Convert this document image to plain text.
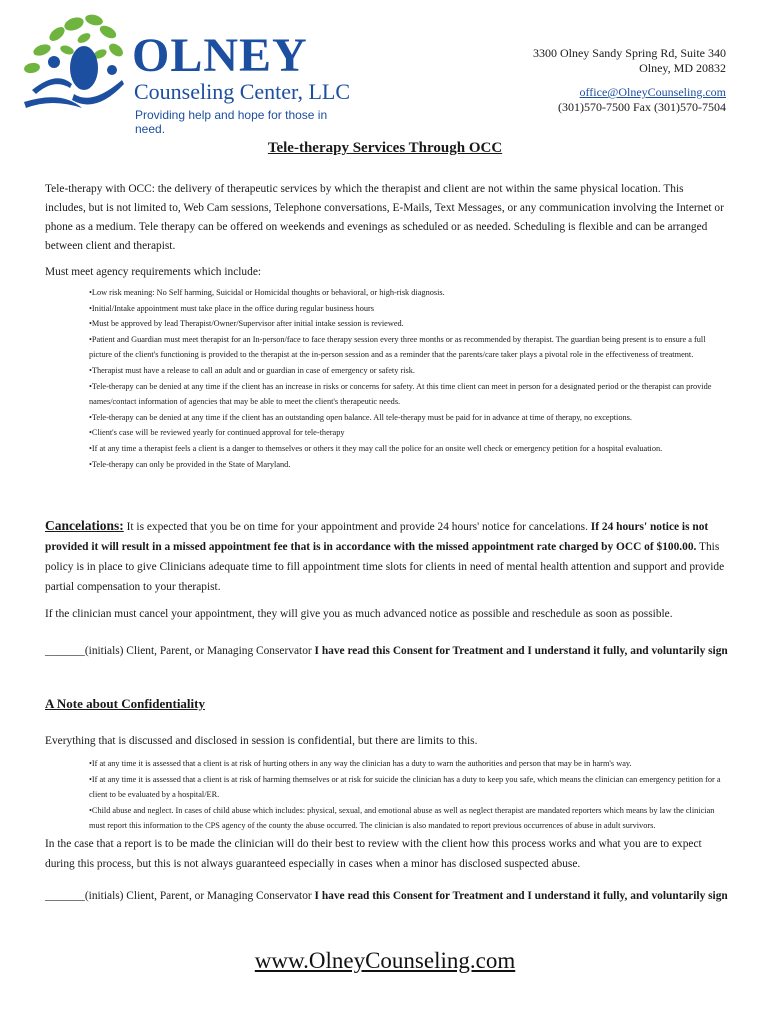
OLNEY
Counseling Center, LLC
Providing help and hope for those in need.
3300 Olney Sandy Spring Rd, Suite 340
Olney, MD 20832
office@OlneyCounseling.com
(301)570-7500 Fax (301)570-7504
Tele-therapy Services Through OCC
Tele-therapy with OCC: the delivery of therapeutic services by which the therapist and client are not within the same physical location. This includes, but is not limited to, Web Cam sessions, Telephone conversations, E-Mails, Text Messages, or any communication involving the Internet or phone as a medium. Tele therapy can be offered on weekends and evenings as scheduled or as needed. Scheduling is flexible and can be arranged between client and therapist.
Must meet agency requirements which include:
•Low risk meaning: No Self harming, Suicidal or Homicidal thoughts or behavioral, or high-risk diagnosis.
•Initial/Intake appointment must take place in the office during regular business hours
•Must be approved by lead Therapist/Owner/Supervisor after initial intake session is reviewed.
•Patient and Guardian must meet therapist for an In-person/face to face therapy session every three months or as recommended by therapist. The guardian being present is to ensure a full picture of the client's functioning is provided to the therapist at the in-person session and as a reminder that the parents/care taker plays a pivotal role in the effectiveness of treatment.
•Therapist must have a release to call an adult and or guardian in case of emergency or safety risk.
•Tele-therapy can be denied at any time if the client has an increase in risks or concerns for safety. At this time client can meet in person for a designated period or the therapist can provide names/contact information of agencies that may be able to meet the client's therapeutic needs.
•Tele-therapy can be denied at any time if the client has an outstanding open balance. All tele-therapy must be paid for in advance at time of therapy, no exceptions.
•Client's case will be reviewed yearly for continued approval for tele-therapy
•If at any time a therapist feels a client is a danger to themselves or others it they may call the police for an onsite well check or emergency petition for a hospital evaluation.
•Tele-therapy can only be provided in the State of Maryland.
Cancelations: It is expected that you be on time for your appointment and provide 24 hours' notice for cancelations. If 24 hours' notice is not provided it will result in a missed appointment fee that is in accordance with the missed appointment rate charged by OCC of $100.00. This policy is in place to give Clinicians adequate time to fill appointment time slots for clients in need of mental health attention and support and provide partial compensation to your therapist.
If the clinician must cancel your appointment, they will give you as much advanced notice as possible and reschedule as soon as possible.
_______(initials) Client, Parent, or Managing Conservator I have read this Consent for Treatment and I understand it fully, and voluntarily sign
A Note about Confidentiality
Everything that is discussed and disclosed in session is confidential, but there are limits to this.
•If at any time it is assessed that a client is at risk of hurting others in any way the clinician has a duty to warn the authorities and person that may be in harm's way.
•If at any time it is assessed that a client is at risk of harming themselves or at risk for suicide the clinician has a duty to keep you safe, which means the clinician can emergency petition for a client to be evaluated by a hospital/ER.
•Child abuse and neglect. In cases of child abuse which includes: physical, sexual, and emotional abuse as well as neglect therapist are mandated reporters which means by law the clinician must report this information to the CPS agency of the county the abuse occurred. The clinician is also mandated to report previous occurrences of abuse in adult survivors.
In the case that a report is to be made the clinician will do their best to review with the client how this process works and what you are to expect during this process, but this is not always guaranteed especially in cases when a minor has disclosed suspected abuse.
_______(initials) Client, Parent, or Managing Conservator I have read this Consent for Treatment and I understand it fully, and voluntarily sign
www.OlneyCounseling.com
